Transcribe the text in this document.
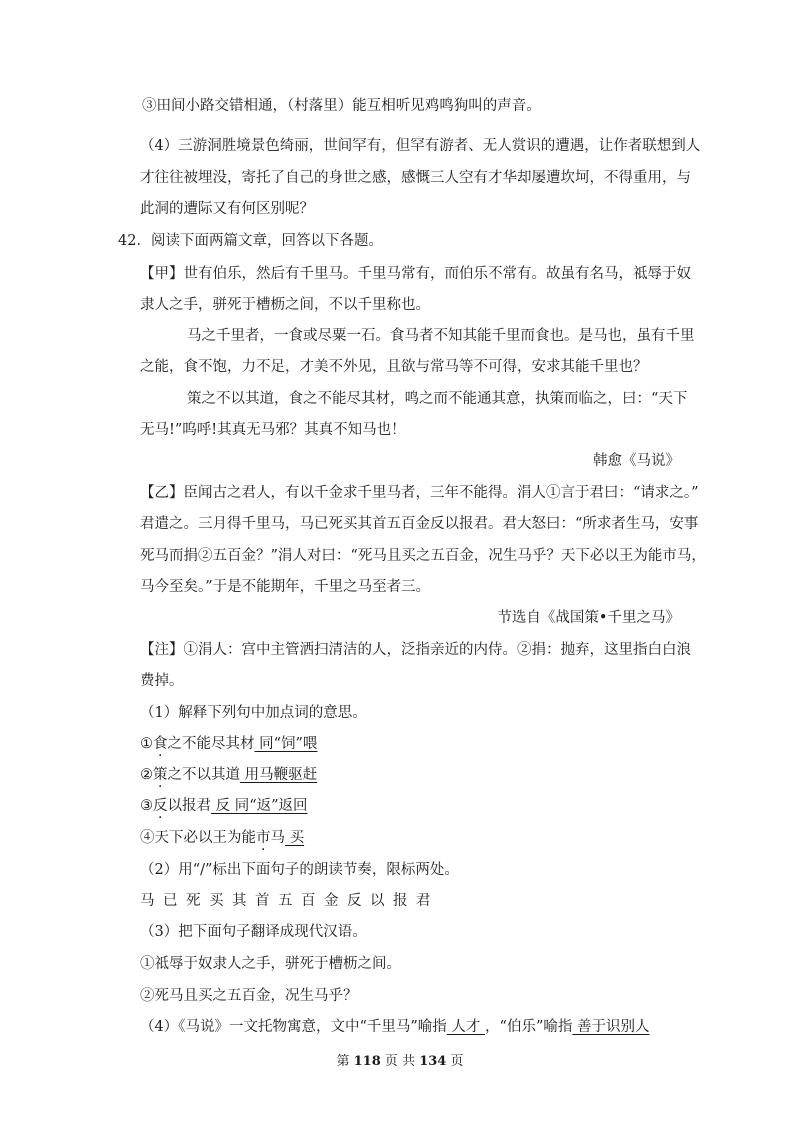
③田间小路交错相通，（村落里）能互相听见鸡鸣狗叫的声音。
（4）三游洞胜境景色绮丽，世间罕有，但罕有游者、无人赏识的遭遇，让作者联想到人
才往往被埋没，寄托了自己的身世之感，感慨三人空有才华却屡遭坎坷，不得重用，与
此洞的遭际又有何区别呢？
42．阅读下面两篇文章，回答以下各题。
【甲】世有伯乐，然后有千里马。千里马常有，而伯乐不常有。故虽有名马，祗辱于奴
隶人之手，骈死于槽枥之间，不以千里称也。
马之千里者，一食或尽粟一石。食马者不知其能千里而食也。是马也，虽有千里
之能，食不饱，力不足，才美不外见，且欲与常马等不可得，安求其能千里也？
策之不以其道，食之不能尽其材，鸣之而不能通其意，执策而临之，曰：“天下
无马!”呜呼!其真无马邪？其真不知马也！
韩愈《马说》
【乙】臣闻古之君人，有以千金求千里马者，三年不能得。涓人①言于君曰：“请求之。”
君遣之。三月得千里马，马已死买其首五百金反以报君。君大怒曰：“所求者生马，安事
死马而捐②五百金？”涓人对曰：“死马且买之五百金，况生马乎？天下必以王为能市马，
马今至矣。”于是不能期年，千里之马至者三。
节选自《战国策•千里之马》
【注】①涓人：宫中主管洒扫清洁的人，泛指亲近的内侍。②捐：抛弃，这里指白白浪
费掉。
（1）解释下列句中加点词的意思。
①食之不能尽其材 同“饲”喂
②策之不以其道 用马鞭驱赶
③反以报君 反 同“返”返回
④天下必以王为能市马 买
（2）用“/”标出下面句子的朗读节奏，限标两处。
马已死买其首五百金反以报君
（3）把下面句子翻译成现代汉语。
①祗辱于奴隶人之手，骈死于槽枥之间。
②死马且买之五百金，况生马乎？
（4）《马说》一文托物寓意，文中“千里马”喻指 人才 ，“伯乐”喻指 善于识别人
第 118 页 共 134 页
